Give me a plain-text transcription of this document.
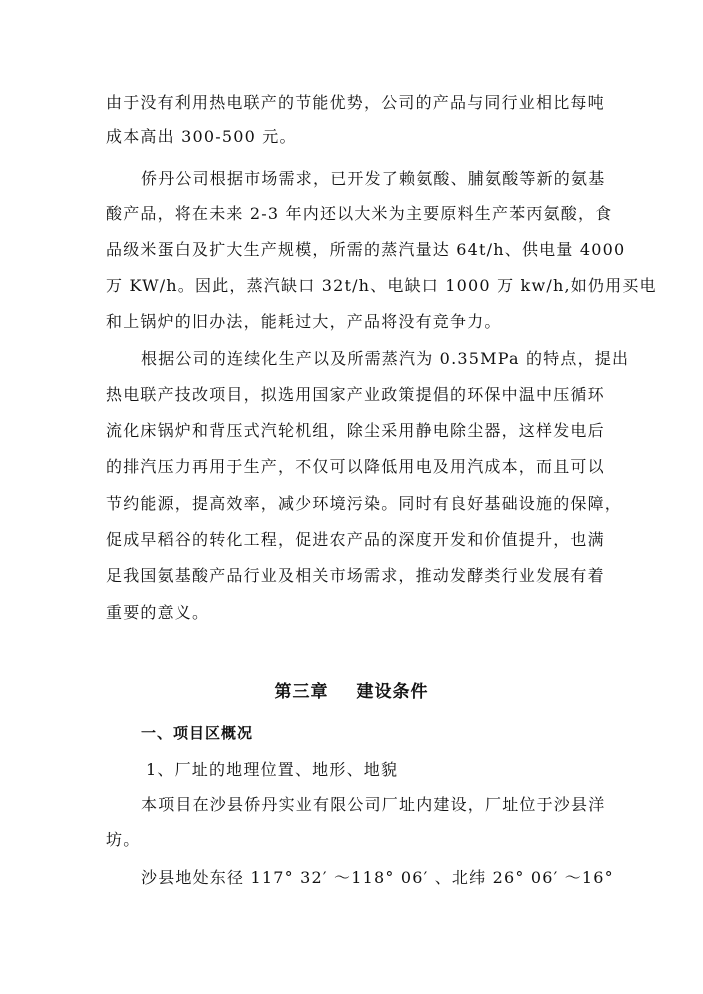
由于没有利用热电联产的节能优势，公司的产品与同行业相比每吨
成本高出 300-500 元。
侨丹公司根据市场需求，已开发了赖氨酸、脯氨酸等新的氨基
酸产品，将在未来 2-3 年内还以大米为主要原料生产苯丙氨酸，食
品级米蛋白及扩大生产规模，所需的蒸汽量达 64t/h、供电量 4000
万 KW/h。因此，蒸汽缺口 32t/h、电缺口 1000 万 kw/h,如仍用买电
和上锅炉的旧办法，能耗过大，产品将没有竞争力。
根据公司的连续化生产以及所需蒸汽为 0.35MPa 的特点，提出
热电联产技改项目，拟选用国家产业政策提倡的环保中温中压循环
流化床锅炉和背压式汽轮机组，除尘采用静电除尘器，这样发电后
的排汽压力再用于生产，不仅可以降低用电及用汽成本，而且可以
节约能源，提高效率，减少环境污染。同时有良好基础设施的保障，
促成早稻谷的转化工程，促进农产品的深度开发和价值提升，也满
足我国氨基酸产品行业及相关市场需求，推动发酵类行业发展有着
重要的意义。
第三章 建设条件
一、项目区概况
1、厂址的地理位置、地形、地貌
本项目在沙县侨丹实业有限公司厂址内建设，厂址位于沙县洋
坊。
沙县地处东径 117° 32′ ～118° 06′ 、北纬 26° 06′ ～16°
